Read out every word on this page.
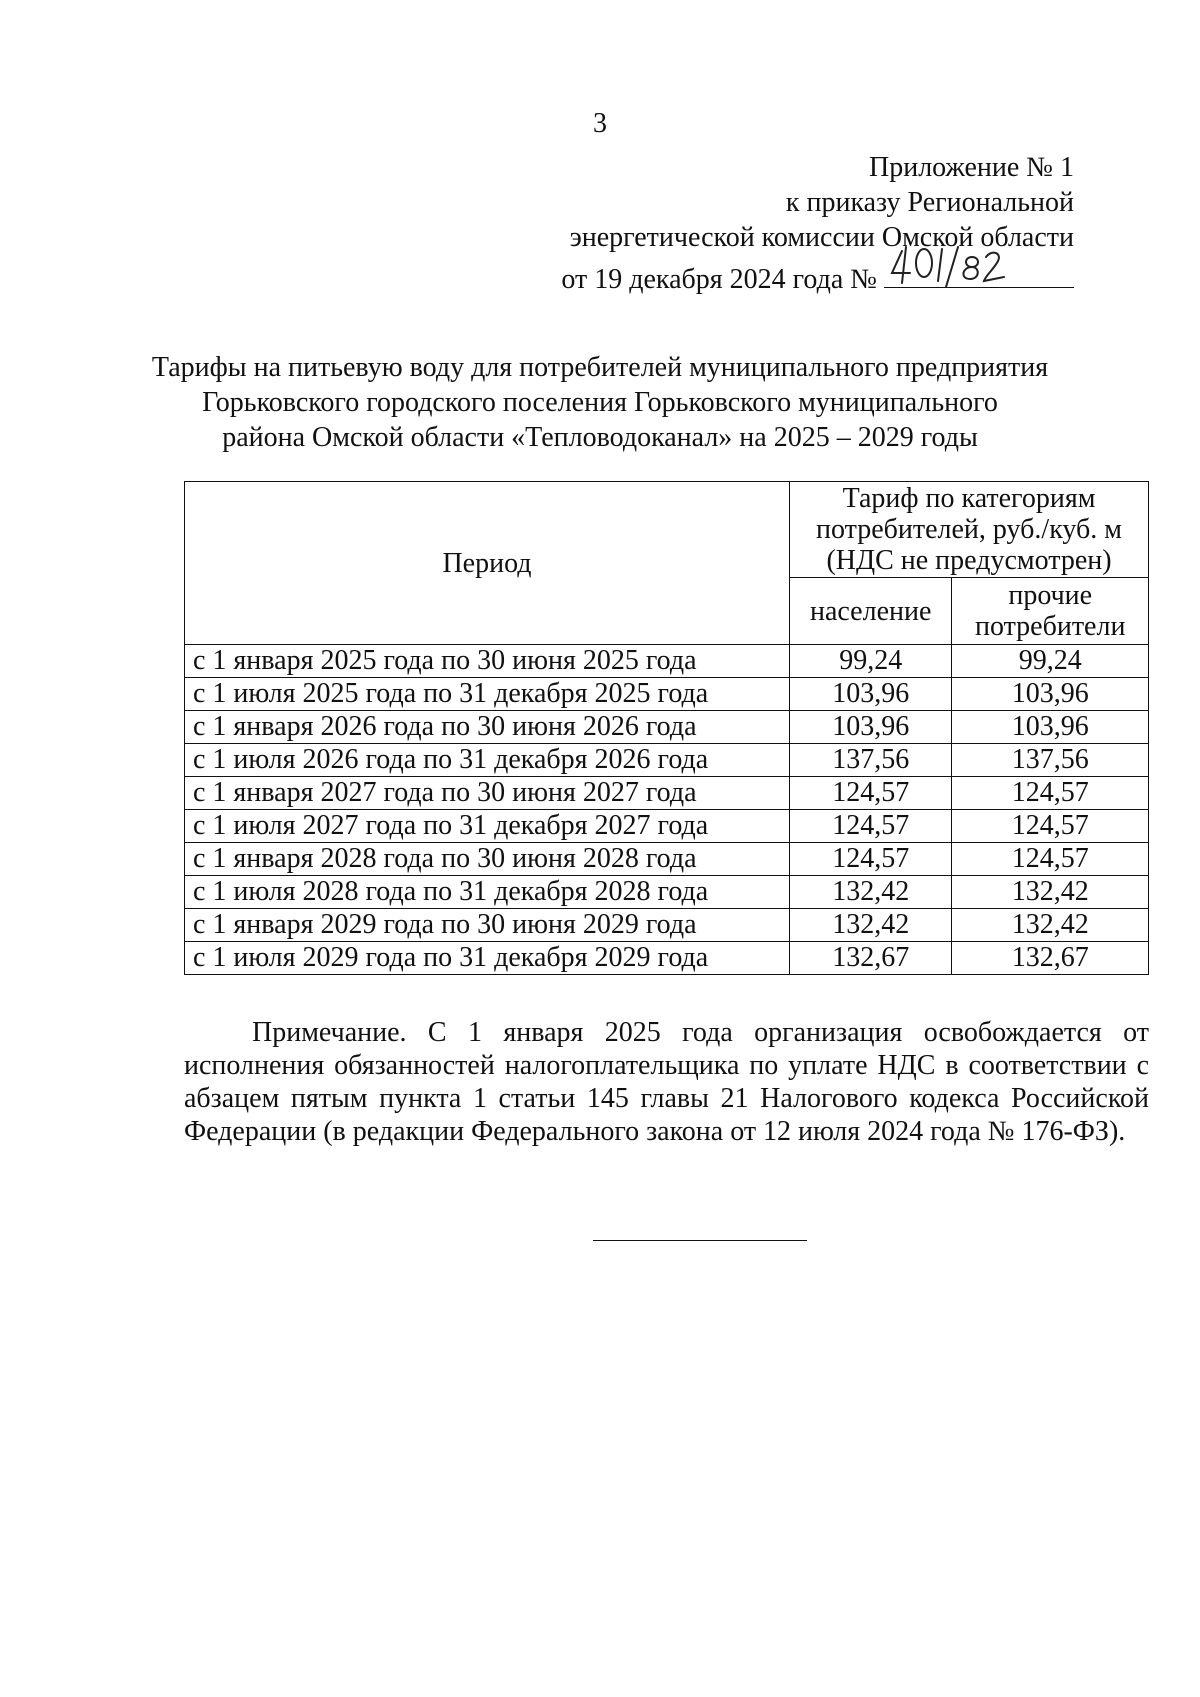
3
Приложение № 1
к приказу Региональной
энергетической комиссии Омской области
от 19 декабря 2024 года №
Тарифы на питьевую воду для потребителей муниципального предприятия
Горьковского городского поселения Горьковского муниципального
района Омской области «Тепловодоканал» на 2025 – 2029 годы
Период	Тариф по категориям
потребителей, руб./куб. м
(НДС не предусмотрен)	

	население	прочие
потребители

с 1 января 2025 года по 30 июня 2025 года	99,24	99,24
с 1 июля 2025 года по 31 декабря 2025 года	103,96	103,96
с 1 января 2026 года по 30 июня 2026 года	103,96	103,96
с 1 июля 2026 года по 31 декабря 2026 года	137,56	137,56
с 1 января 2027 года по 30 июня 2027 года	124,57	124,57
с 1 июля 2027 года по 31 декабря 2027 года	124,57	124,57
с 1 января 2028 года по 30 июня 2028 года	124,57	124,57
с 1 июля 2028 года по 31 декабря 2028 года	132,42	132,42
с 1 января 2029 года по 30 июня 2029 года	132,42	132,42
с 1 июля 2029 года по 31 декабря 2029 года	132,67	132,67
Примечание. С 1 января 2025 года организация освобождается от исполнения обязанностей налогоплательщика по уплате НДС в соответствии с абзацем пятым пункта 1 статьи 145 главы 21 Налогового кодекса Российской Федерации (в редакции Федерального закона от 12 июля 2024 года № 176-ФЗ).
